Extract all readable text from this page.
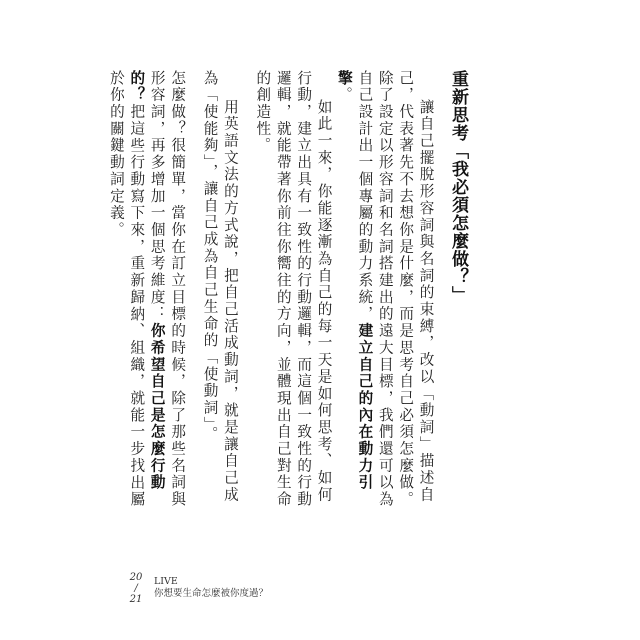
重新思考「我必須怎麼做？」

讓自己擺脫形容詞與名詞的束縛，改以「動詞」描述自己，代表著先不去想你是什麼，而是思考自己必須怎麼做。除了設定以形容詞和名詞搭建出的遠大目標，我們還可以為自己設計出一個專屬的動力系統，建立自己的內在動力引擎。

如此一來，你能逐漸為自己的每一天是如何思考、如何行動，建立出具有一致性的行動邏輯，而這個一致性的行動邏輯，就能帶著你前往你嚮往的方向，並體現出自己對生命的創造性。

用英語文法的方式說，把自己活成動詞，就是讓自己成為「使能夠」，讓自己成為自己生命的「使動詞」。

怎麼做？很簡單，當你在訂立目標的時候，除了那些名詞與形容詞，再多增加一個思考維度：你希望自己是怎麼行動的？把這些行動寫下來，重新歸納、組織，就能一步找出屬於你的關鍵動詞定義。

20
/
21
LIVE
你想要生命怎麼被你度過？
